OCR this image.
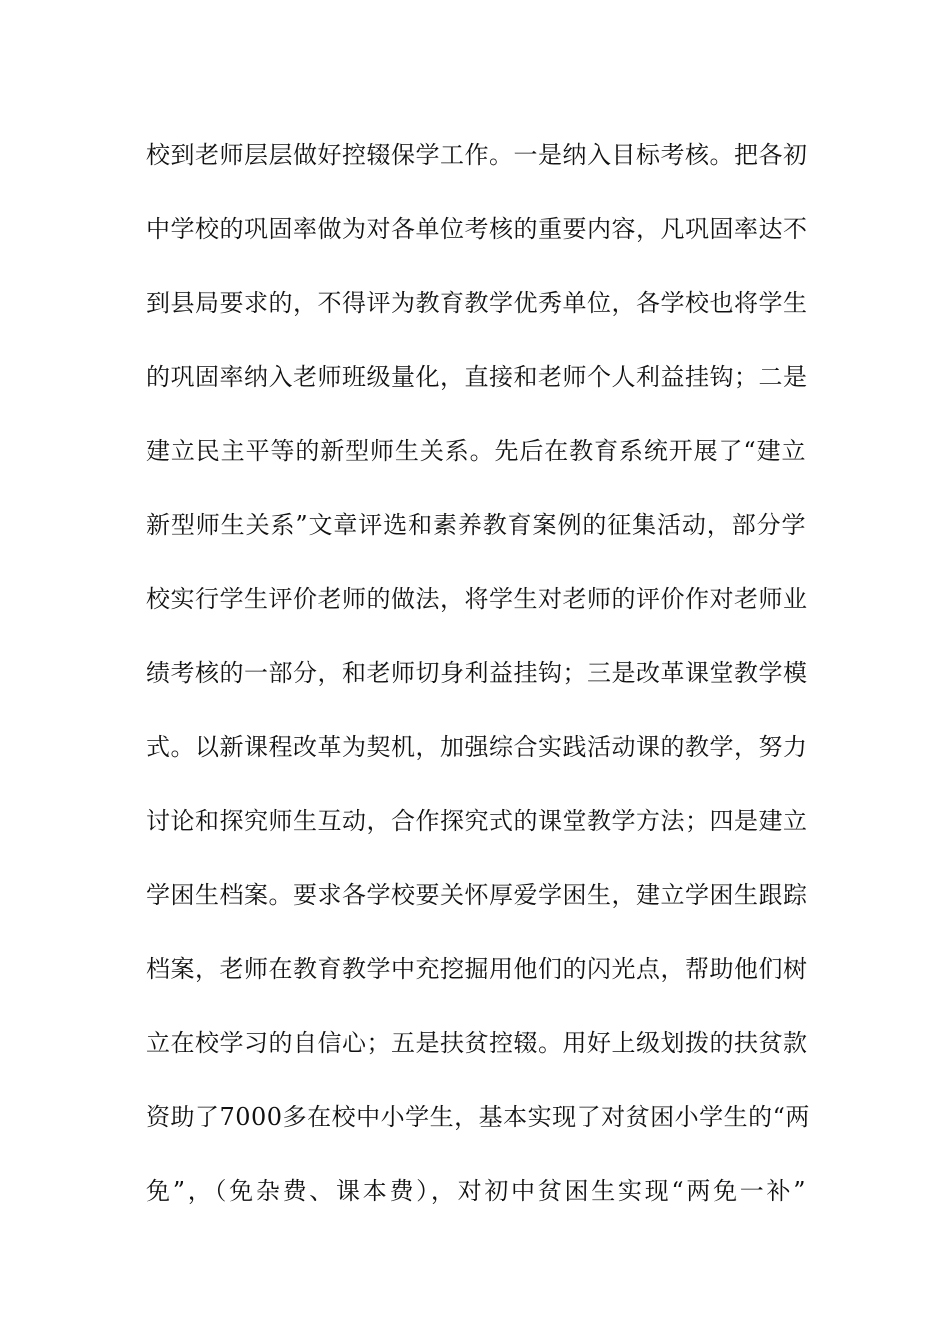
校到老师层层做好控辍保学工作。一是纳入目标考核。把各初
中学校的巩固率做为对各单位考核的重要内容，凡巩固率达不
到县局要求的，不得评为教育教学优秀单位，各学校也将学生
的巩固率纳入老师班级量化，直接和老师个人利益挂钩；二是
建立民主平等的新型师生关系。先后在教育系统开展了“建立
新型师生关系”文章评选和素养教育案例的征集活动，部分学
校实行学生评价老师的做法，将学生对老师的评价作对老师业
绩考核的一部分，和老师切身利益挂钩；三是改革课堂教学模
式。以新课程改革为契机，加强综合实践活动课的教学，努力
讨论和探究师生互动，合作探究式的课堂教学方法；四是建立
学困生档案。要求各学校要关怀厚爱学困生，建立学困生跟踪
档案，老师在教育教学中充挖掘用他们的闪光点，帮助他们树
立在校学习的自信心；五是扶贫控辍。用好上级划拨的扶贫款
资助了7000多在校中小学生，基本实现了对贫困小学生的“两
免”，（免杂费、课本费），对初中贫困生实现“两免一补”
